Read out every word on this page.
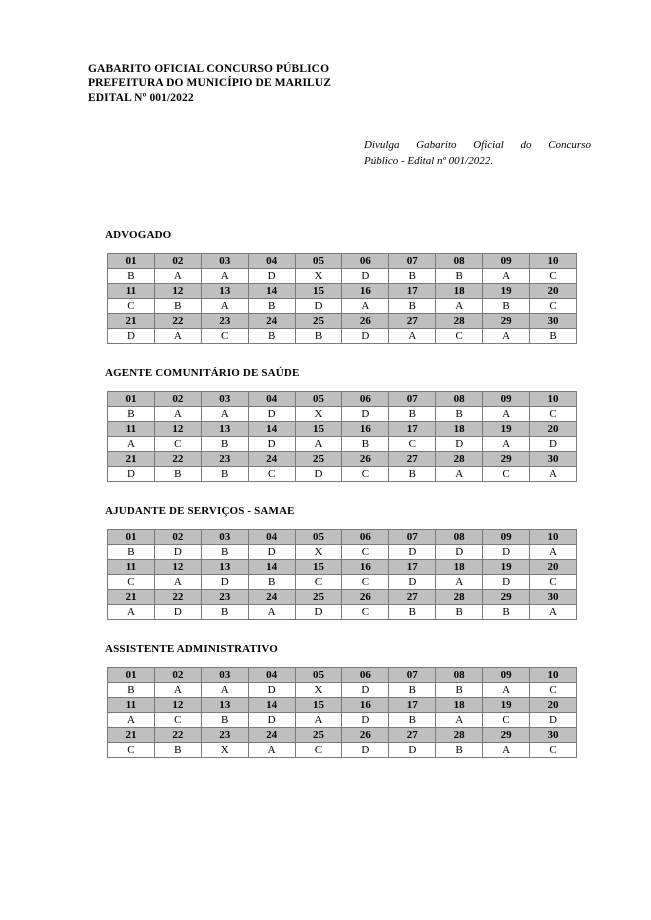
GABARITO OFICIAL CONCURSO PÚBLICO
PREFEITURA DO MUNICÍPIO DE MARILUZ
EDITAL Nº 001/2022
Divulga Gabarito Oficial do Concurso
Público - Edital nº 001/2022.
ADVOGADO
01	02	03	04	05	06	07	08	09	10
B	A	A	D	X	D	B	B	A	C
11	12	13	14	15	16	17	18	19	20
C	B	A	B	D	A	B	A	B	C
21	22	23	24	25	26	27	28	29	30
D	A	C	B	B	D	A	C	A	B
AGENTE COMUNITÁRIO DE SAÚDE
01	02	03	04	05	06	07	08	09	10
B	A	A	D	X	D	B	B	A	C
11	12	13	14	15	16	17	18	19	20
A	C	B	D	A	B	C	D	A	D
21	22	23	24	25	26	27	28	29	30
D	B	B	C	D	C	B	A	C	A
AJUDANTE DE SERVIÇOS - SAMAE
01	02	03	04	05	06	07	08	09	10
B	D	B	D	X	C	D	D	D	A
11	12	13	14	15	16	17	18	19	20
C	A	D	B	C	C	D	A	D	C
21	22	23	24	25	26	27	28	29	30
A	D	B	A	D	C	B	B	B	A
ASSISTENTE ADMINISTRATIVO
01	02	03	04	05	06	07	08	09	10
B	A	A	D	X	D	B	B	A	C
11	12	13	14	15	16	17	18	19	20
A	C	B	D	A	D	B	A	C	D
21	22	23	24	25	26	27	28	29	30
C	B	X	A	C	D	D	B	A	C
